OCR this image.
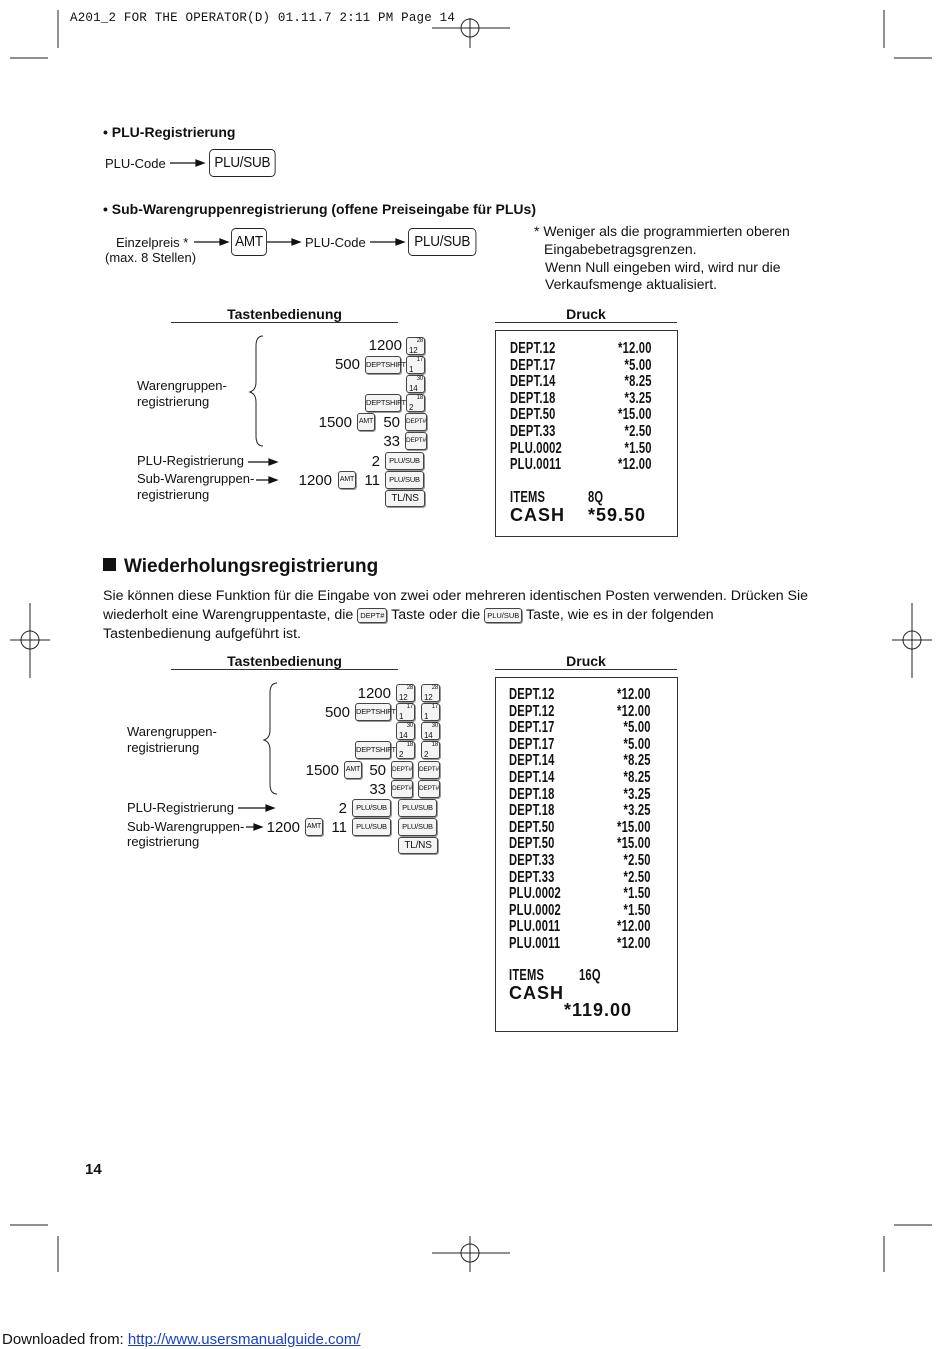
A201_2 FOR THE OPERATOR(D) 01.11.7 2:11 PM Page 14
• PLU-Registrierung
PLU-Code	PLU/SUB
• Sub-Warengruppenregistrierung (offene Preiseingabe für PLUs)
Einzelpreis *
(max. 8 Stellen)
AMT	PLU-Code	PLU/SUB
* Weniger als die programmierten oberen
Eingabebetragsgrenzen.
Wenn Null eingeben wird, wird nur die
Verkaufsmenge aktualisiert.
Tastenbedienung	Druck
Warengruppen-
registrierung
PLU-Registrierung
Sub-Warengruppen-
registrierung
1200 28
12
500 DEPTSHIFT 17
1
30
14
DEPTSHIFT 18
2
1500 AMT 50 DEPT#
33 DEPT#
2	PLU/SUB
1200 AMT 11	PLU/SUB
TL/NS
DEPT.12	*12.00
DEPT.17	*5.00
DEPT.14	*8.25
DEPT.18	*3.25
DEPT.50	*15.00
DEPT.33	*2.50
PLU.0002	*1.50
PLU.0011	*12.00
ITEMS	8Q
CASH *59.50
Wiederholungsregistrierung
Sie können diese Funktion für die Eingabe von zwei oder mehreren identischen Posten verwenden. Drücken Sie
wiederholt eine Warengruppentaste, die DEPT# Taste oder die PLU/SUB Taste, wie es in der folgenden
Tastenbedienung aufgeführt ist.
Tastenbedienung	Druck
Warengruppen-
registrierung
PLU-Registrierung
Sub-Warengruppen-
registrierung
1200	28
12
28
12
500 DEPTSHIFT 17
1
17
1
30
14
30
14
DEPTSHIFT 18
2
18
2
1500 AMT 50 DEPT# DEPT#
33 DEPT# DEPT#
2	PLU/SUB	PLU/SUB
1200 AMT 11	PLU/SUB	PLU/SUB
TL/NS
DEPT.12	*12.00
DEPT.12	*12.00
DEPT.17	*5.00
DEPT.17	*5.00
DEPT.14	*8.25
DEPT.14	*8.25
DEPT.18	*3.25
DEPT.18	*3.25
DEPT.50	*15.00
DEPT.50	*15.00
DEPT.33	*2.50
DEPT.33	*2.50
PLU.0002	*1.50
PLU.0002	*1.50
PLU.0011	*12.00
PLU.0011	*12.00
ITEMS 16Q
CASH
*119.00
14
Downloaded from: http://www.usersmanualguide.com/
